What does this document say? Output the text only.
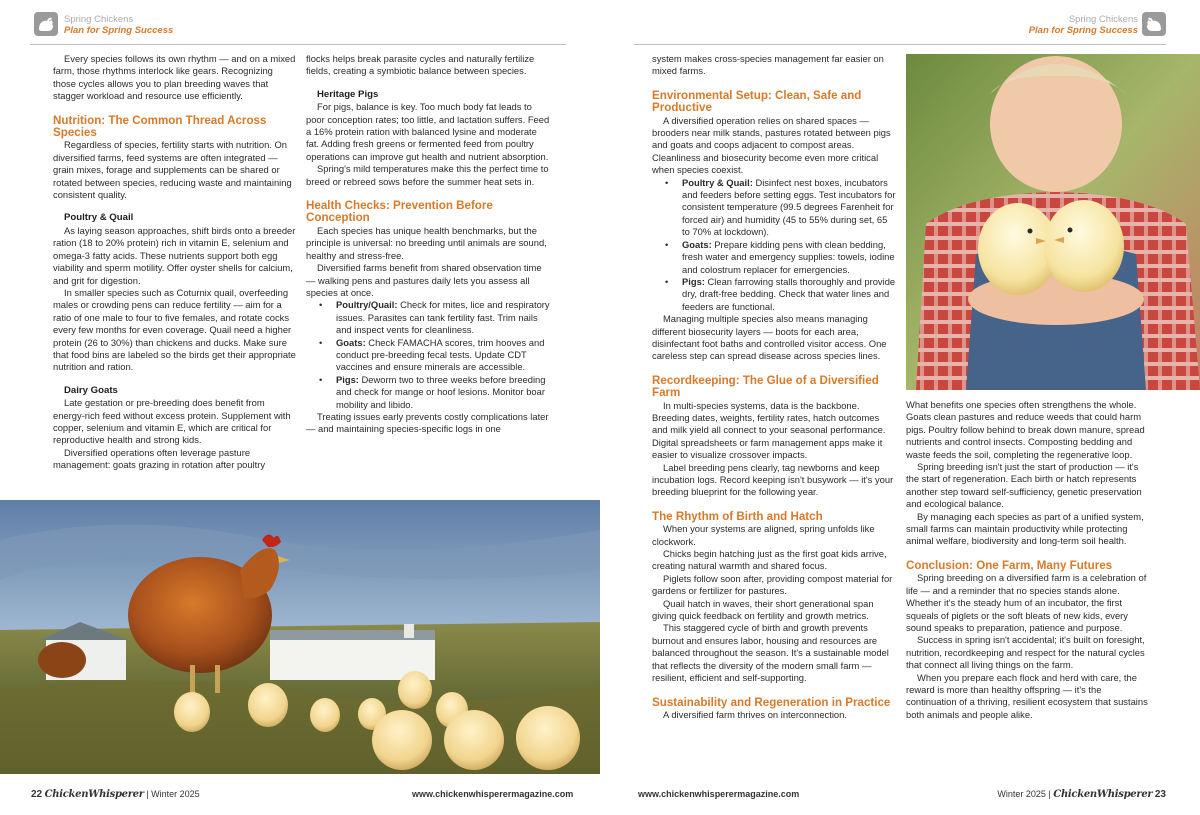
Spring Chickens
Plan for Spring Success
Spring Chickens
Plan for Spring Success

Every species follows its own rhythm — and on a mixed farm, those rhythms interlock like gears. Recognizing those cycles allows you to plan breeding waves that stagger workload and resource use efficiently.

Nutrition: The Common Thread Across Species

Regardless of species, fertility starts with nutrition. On diversified farms, feed systems are often integrated — grain mixes, forage and supplements can be shared or rotated between species, reducing waste and maintaining consistent quality.

Poultry & Quail

As laying season approaches, shift birds onto a breeder ration (18 to 20% protein) rich in vitamin E, selenium and omega-3 fatty acids. These nutrients support both egg viability and sperm motility. Offer oyster shells for calcium, and grit for digestion.

In smaller species such as Coturnix quail, overfeeding males or crowding pens can reduce fertility — aim for a ratio of one male to four to five females, and rotate cocks every few months for even coverage. Quail need a higher protein (26 to 30%) than chickens and ducks. Make sure that food bins are labeled so the birds get their appropriate nutrition and ration.

Dairy Goats

Late gestation or pre-breeding does benefit from energy-rich feed without excess protein. Supplement with copper, selenium and vitamin E, which are critical for reproductive health and strong kids.

Diversified operations often leverage pasture management: goats grazing in rotation after poultry

flocks helps break parasite cycles and naturally fertilize fields, creating a symbiotic balance between species.

Heritage Pigs

For pigs, balance is key. Too much body fat leads to poor conception rates; too little, and lactation suffers. Feed a 16% protein ration with balanced lysine and moderate fat. Adding fresh greens or fermented feed from poultry operations can improve gut health and nutrient absorption.

Spring's mild temperatures make this the perfect time to breed or rebreed sows before the summer heat sets in.

Health Checks: Prevention Before Conception

Each species has unique health benchmarks, but the principle is universal: no breeding until animals are sound, healthy and stress-free.

Diversified farms benefit from shared observation time — walking pens and pastures daily lets you assess all species at once.

• Poultry/Quail: Check for mites, lice and respiratory issues. Parasites can tank fertility fast. Trim nails and inspect vents for cleanliness.
• Goats: Check FAMACHA scores, trim hooves and conduct pre-breeding fecal tests. Update CDT vaccines and ensure minerals are accessible.
• Pigs: Deworm two to three weeks before breeding and check for mange or hoof lesions. Monitor boar mobility and libido.

Treating issues early prevents costly complications later — and maintaining species-specific logs in one

system makes cross-species management far easier on mixed farms.

Environmental Setup: Clean, Safe and Productive

A diversified operation relies on shared spaces — brooders near milk stands, pastures rotated between pigs and goats and coops adjacent to compost areas. Cleanliness and biosecurity become even more critical when species coexist.

• Poultry & Quail: Disinfect nest boxes, incubators and feeders before setting eggs. Test incubators for consistent temperature (99.5 degrees Farenheit for forced air) and humidity (45 to 55% during set, 65 to 70% at lockdown).
• Goats: Prepare kidding pens with clean bedding, fresh water and emergency supplies: towels, iodine and colostrum replacer for emergencies.
• Pigs: Clean farrowing stalls thoroughly and provide dry, draft-free bedding. Check that water lines and feeders are functional.

Managing multiple species also means managing different biosecurity layers — boots for each area, disinfectant foot baths and controlled visitor access. One careless step can spread disease across species lines.

Recordkeeping: The Glue of a Diversified Farm

In multi-species systems, data is the backbone. Breeding dates, weights, fertility rates, hatch outcomes and milk yield all connect to your seasonal performance. Digital spreadsheets or farm management apps make it easier to visualize crossover impacts.

Label breeding pens clearly, tag newborns and keep incubation logs. Record keeping isn't busywork — it's your breeding blueprint for the following year.

The Rhythm of Birth and Hatch

When your systems are aligned, spring unfolds like clockwork.

Chicks begin hatching just as the first goat kids arrive, creating natural warmth and shared focus.

Piglets follow soon after, providing compost material for gardens or fertilizer for pastures.

Quail hatch in waves, their short generational span giving quick feedback on fertility and growth metrics.

This staggered cycle of birth and growth prevents burnout and ensures labor, housing and resources are balanced throughout the season. It's a sustainable model that reflects the diversity of the modern small farm — resilient, efficient and self-supporting.

Sustainability and Regeneration in Practice

A diversified farm thrives on interconnection.

What benefits one species often strengthens the whole. Goats clean pastures and reduce weeds that could harm pigs. Poultry follow behind to break down manure, spread nutrients and control insects. Composting bedding and waste feeds the soil, completing the regenerative loop.

Spring breeding isn't just the start of production — it's the start of regeneration. Each birth or hatch represents another step toward self-sufficiency, genetic preservation and ecological balance.

By managing each species as part of a unified system, small farms can maintain productivity while protecting animal welfare, biodiversity and long-term soil health.

Conclusion: One Farm, Many Futures

Spring breeding on a diversified farm is a celebration of life — and a reminder that no species stands alone. Whether it's the steady hum of an incubator, the first squeals of piglets or the soft bleats of new kids, every sound speaks to preparation, patience and purpose.

Success in spring isn't accidental; it's built on foresight, nutrition, recordkeeping and respect for the natural cycles that connect all living things on the farm.

When you prepare each flock and herd with care, the reward is more than healthy offspring — it's the continuation of a thriving, resilient ecosystem that sustains both animals and people alike.

22 ChickenWhisperer | Winter 2025	www.chickenwhisperermagazine.com	www.chickenwhisperermagazine.com	Winter 2025 | ChickenWhisperer 23
